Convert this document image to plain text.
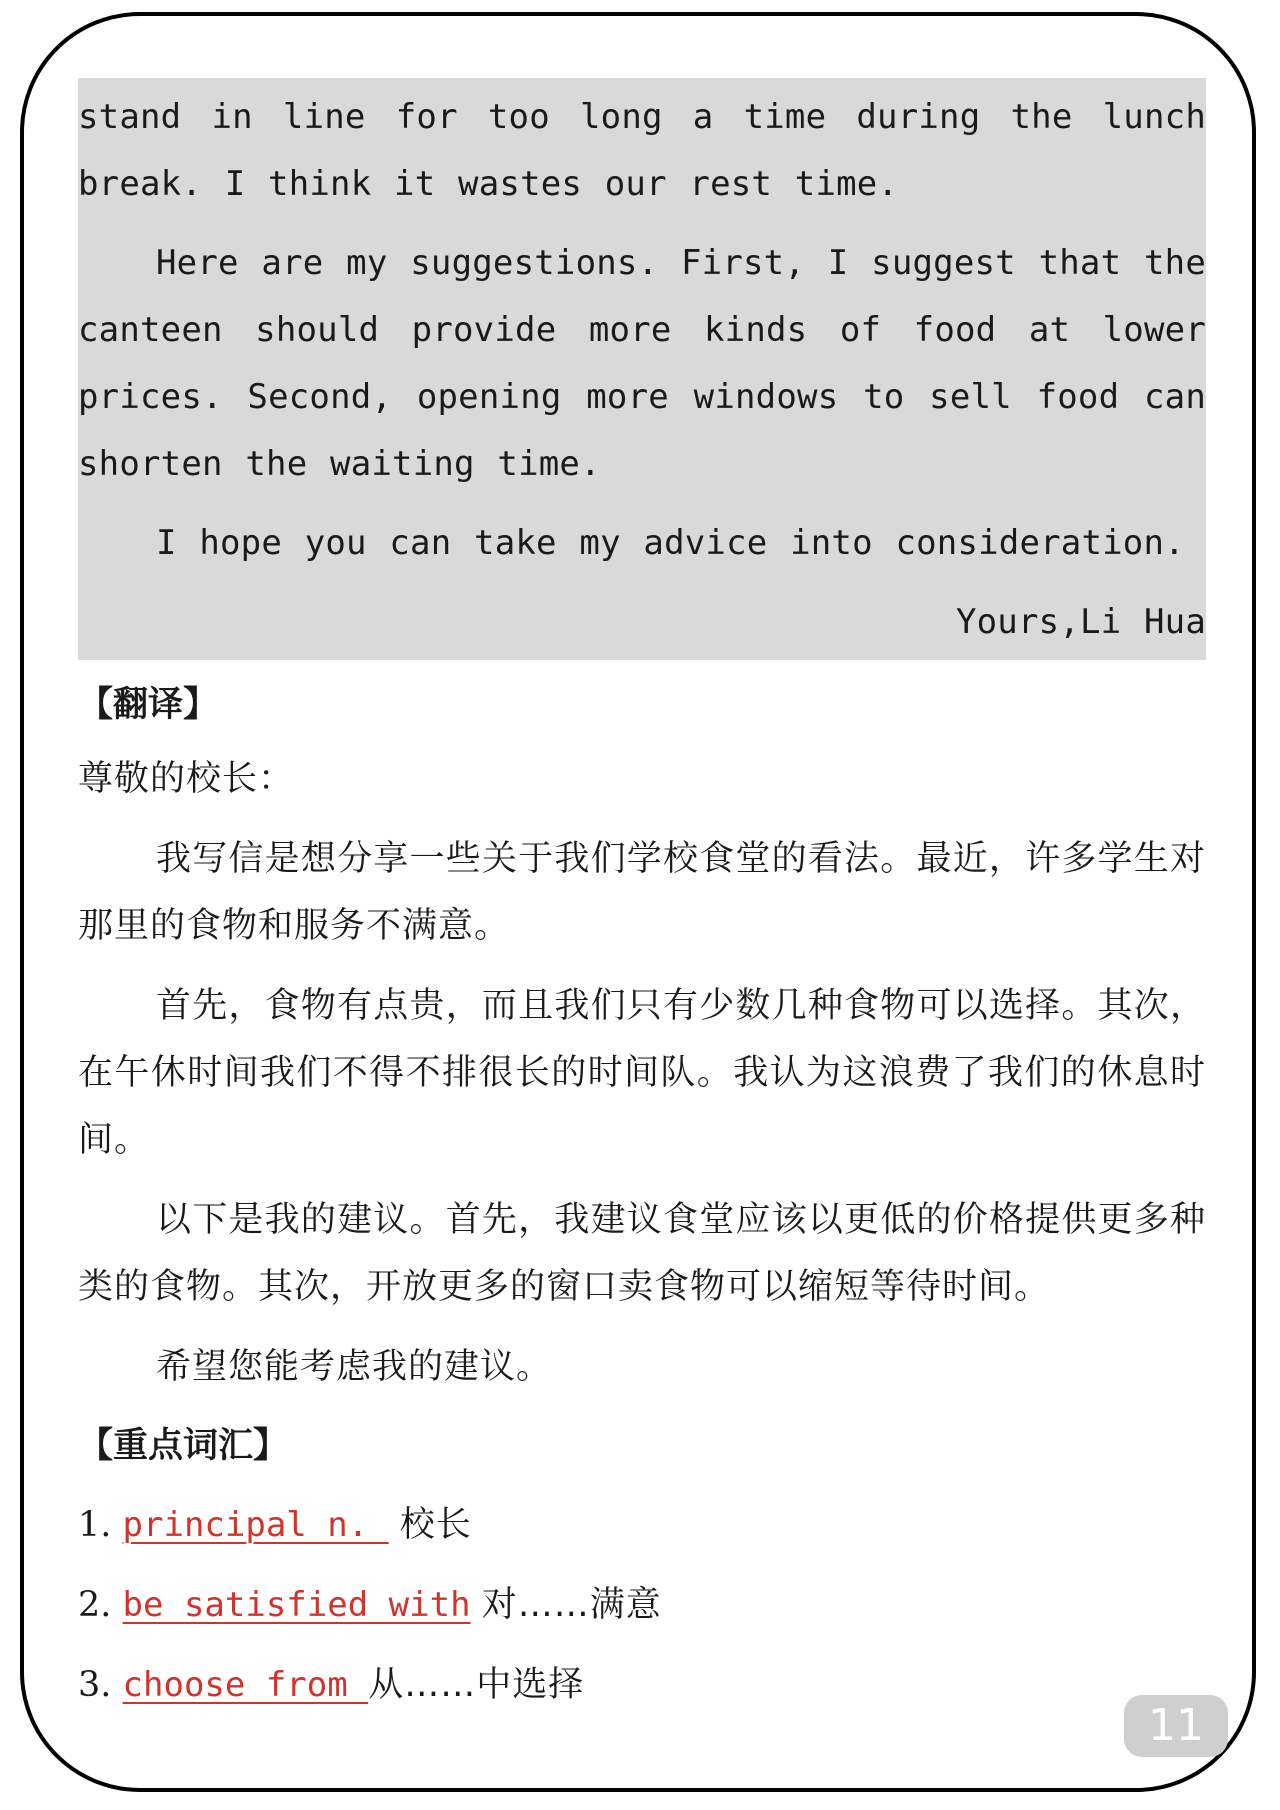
stand in line for too long a time during the lunch break. I think it wastes our rest time.

Here are my suggestions. First, I suggest that the canteen should provide more kinds of food at lower prices. Second, opening more windows to sell food can shorten the waiting time.

I hope you can take my advice into consideration.

Yours,Li Hua

【翻译】

尊敬的校长：

我写信是想分享一些关于我们学校食堂的看法。最近，许多学生对那里的食物和服务不满意。

首先，食物有点贵，而且我们只有少数几种食物可以选择。其次，在午休时间我们不得不排很长的时间队。我认为这浪费了我们的休息时间。

以下是我的建议。首先，我建议食堂应该以更低的价格提供更多种类的食物。其次，开放更多的窗口卖食物可以缩短等待时间。

希望您能考虑我的建议。

【重点词汇】
1. principal n.  校长
2. be satisfied with 对……满意
3. choose from 从……中选择
11
